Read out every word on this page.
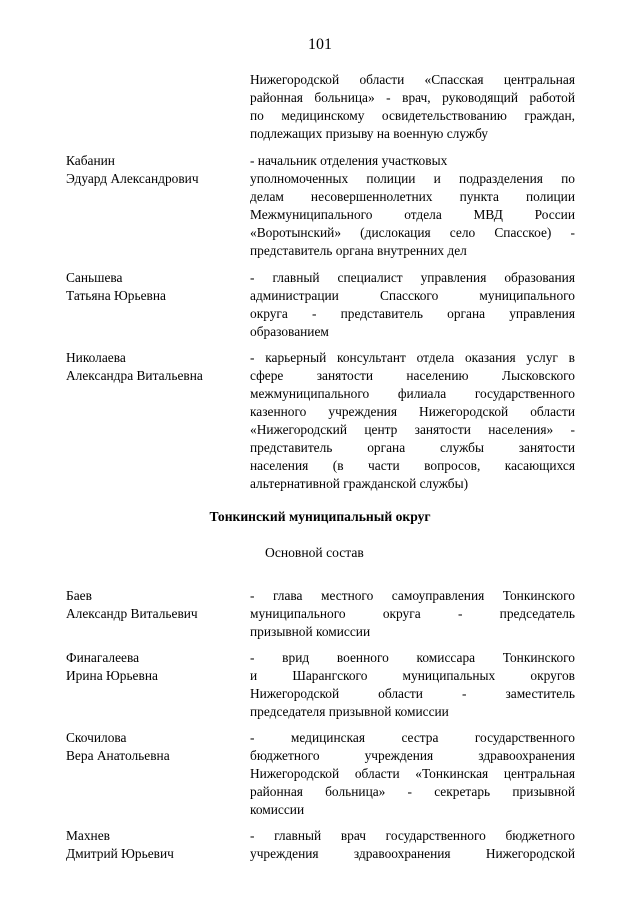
101
Нижегородской области «Спасская центральная
районная больница» - врач, руководящий работой
по медицинскому освидетельствованию граждан,
подлежащих призыву на военную службу
Кабанин
Эдуард Александрович
- начальник отделения участковых
уполномоченных полиции и подразделения по
делам несовершеннолетних пункта полиции
Межмуниципального отдела МВД России
«Воротынский» (дислокация село Спасское) -
представитель органа внутренних дел
Саньшева
Татьяна Юрьевна
- главный специалист управления образования
администрации Спасского муниципального
округа - представитель органа управления
образованием
Николаева
Александра Витальевна
- карьерный консультант отдела оказания услуг в
сфере занятости населению Лысковского
межмуниципального филиала государственного
казенного учреждения Нижегородской области
«Нижегородский центр занятости населения» -
представитель органа службы занятости
населения (в части вопросов, касающихся
альтернативной гражданской службы)
Тонкинский муниципальный округ
Основной состав
Баев
Александр Витальевич
- глава местного самоуправления Тонкинского
муниципального округа - председатель
призывной комиссии
Финагалеева
Ирина Юрьевна
- врид военного комиссара Тонкинского
и Шарангского муниципальных округов
Нижегородской области - заместитель
председателя призывной комиссии
Скочилова
Вера Анатольевна
- медицинская сестра государственного
бюджетного учреждения здравоохранения
Нижегородской области «Тонкинская центральная
районная больница» - секретарь призывной
комиссии
Махнев
Дмитрий Юрьевич
- главный врач государственного бюджетного
учреждения здравоохранения Нижегородской
